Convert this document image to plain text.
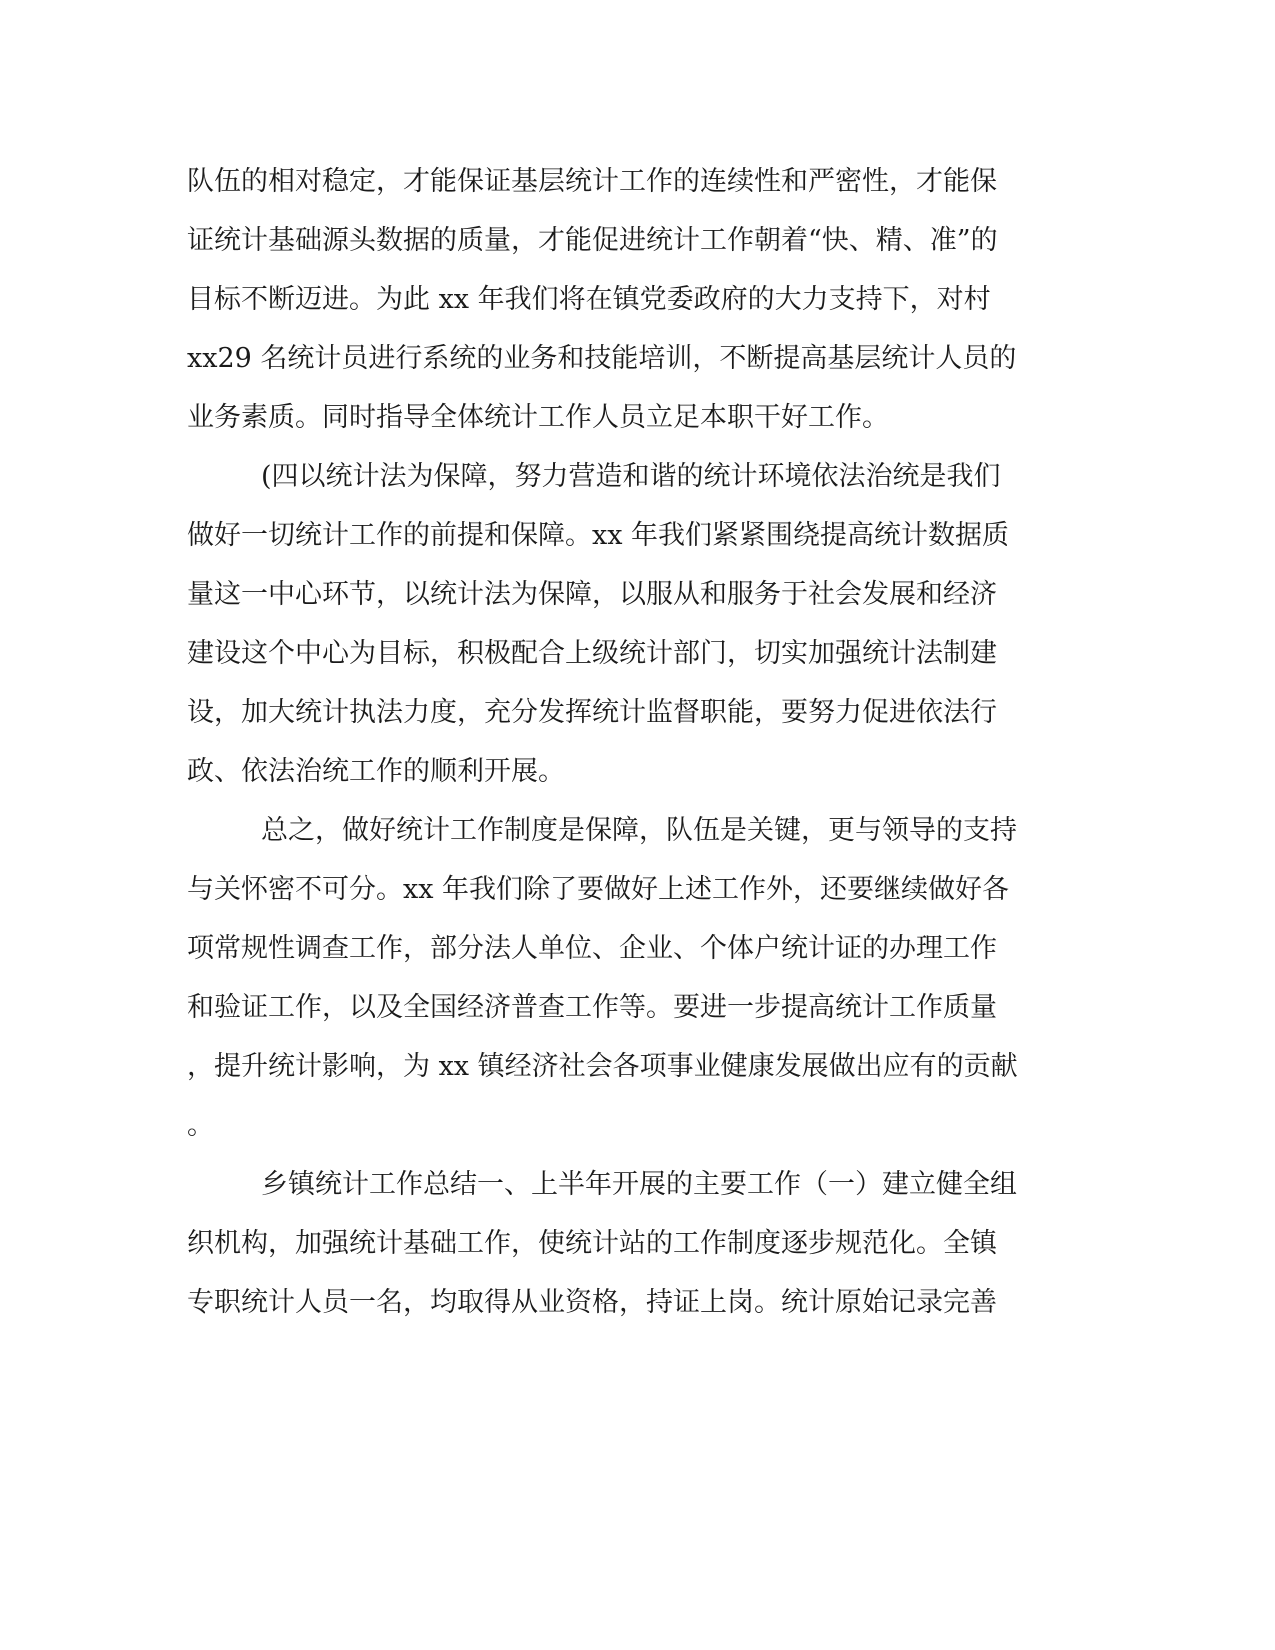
队伍的相对稳定，才能保证基层统计工作的连续性和严密性，才能保
证统计基础源头数据的质量，才能促进统计工作朝着“快、精、准”的
目标不断迈进。为此 xx 年我们将在镇党委政府的大力支持下，对村
xx29 名统计员进行系统的业务和技能培训，不断提高基层统计人员的
业务素质。同时指导全体统计工作人员立足本职干好工作。
(四以统计法为保障，努力营造和谐的统计环境依法治统是我们
做好一切统计工作的前提和保障。xx 年我们紧紧围绕提高统计数据质
量这一中心环节，以统计法为保障，以服从和服务于社会发展和经济
建设这个中心为目标，积极配合上级统计部门，切实加强统计法制建
设，加大统计执法力度，充分发挥统计监督职能，要努力促进依法行
政、依法治统工作的顺利开展。
总之，做好统计工作制度是保障，队伍是关键，更与领导的支持
与关怀密不可分。xx 年我们除了要做好上述工作外，还要继续做好各
项常规性调查工作，部分法人单位、企业、个体户统计证的办理工作
和验证工作，以及全国经济普查工作等。要进一步提高统计工作质量
，提升统计影响，为 xx 镇经济社会各项事业健康发展做出应有的贡献
。
乡镇统计工作总结一、上半年开展的主要工作（一）建立健全组
织机构，加强统计基础工作，使统计站的工作制度逐步规范化。全镇
专职统计人员一名，均取得从业资格，持证上岗。统计原始记录完善
